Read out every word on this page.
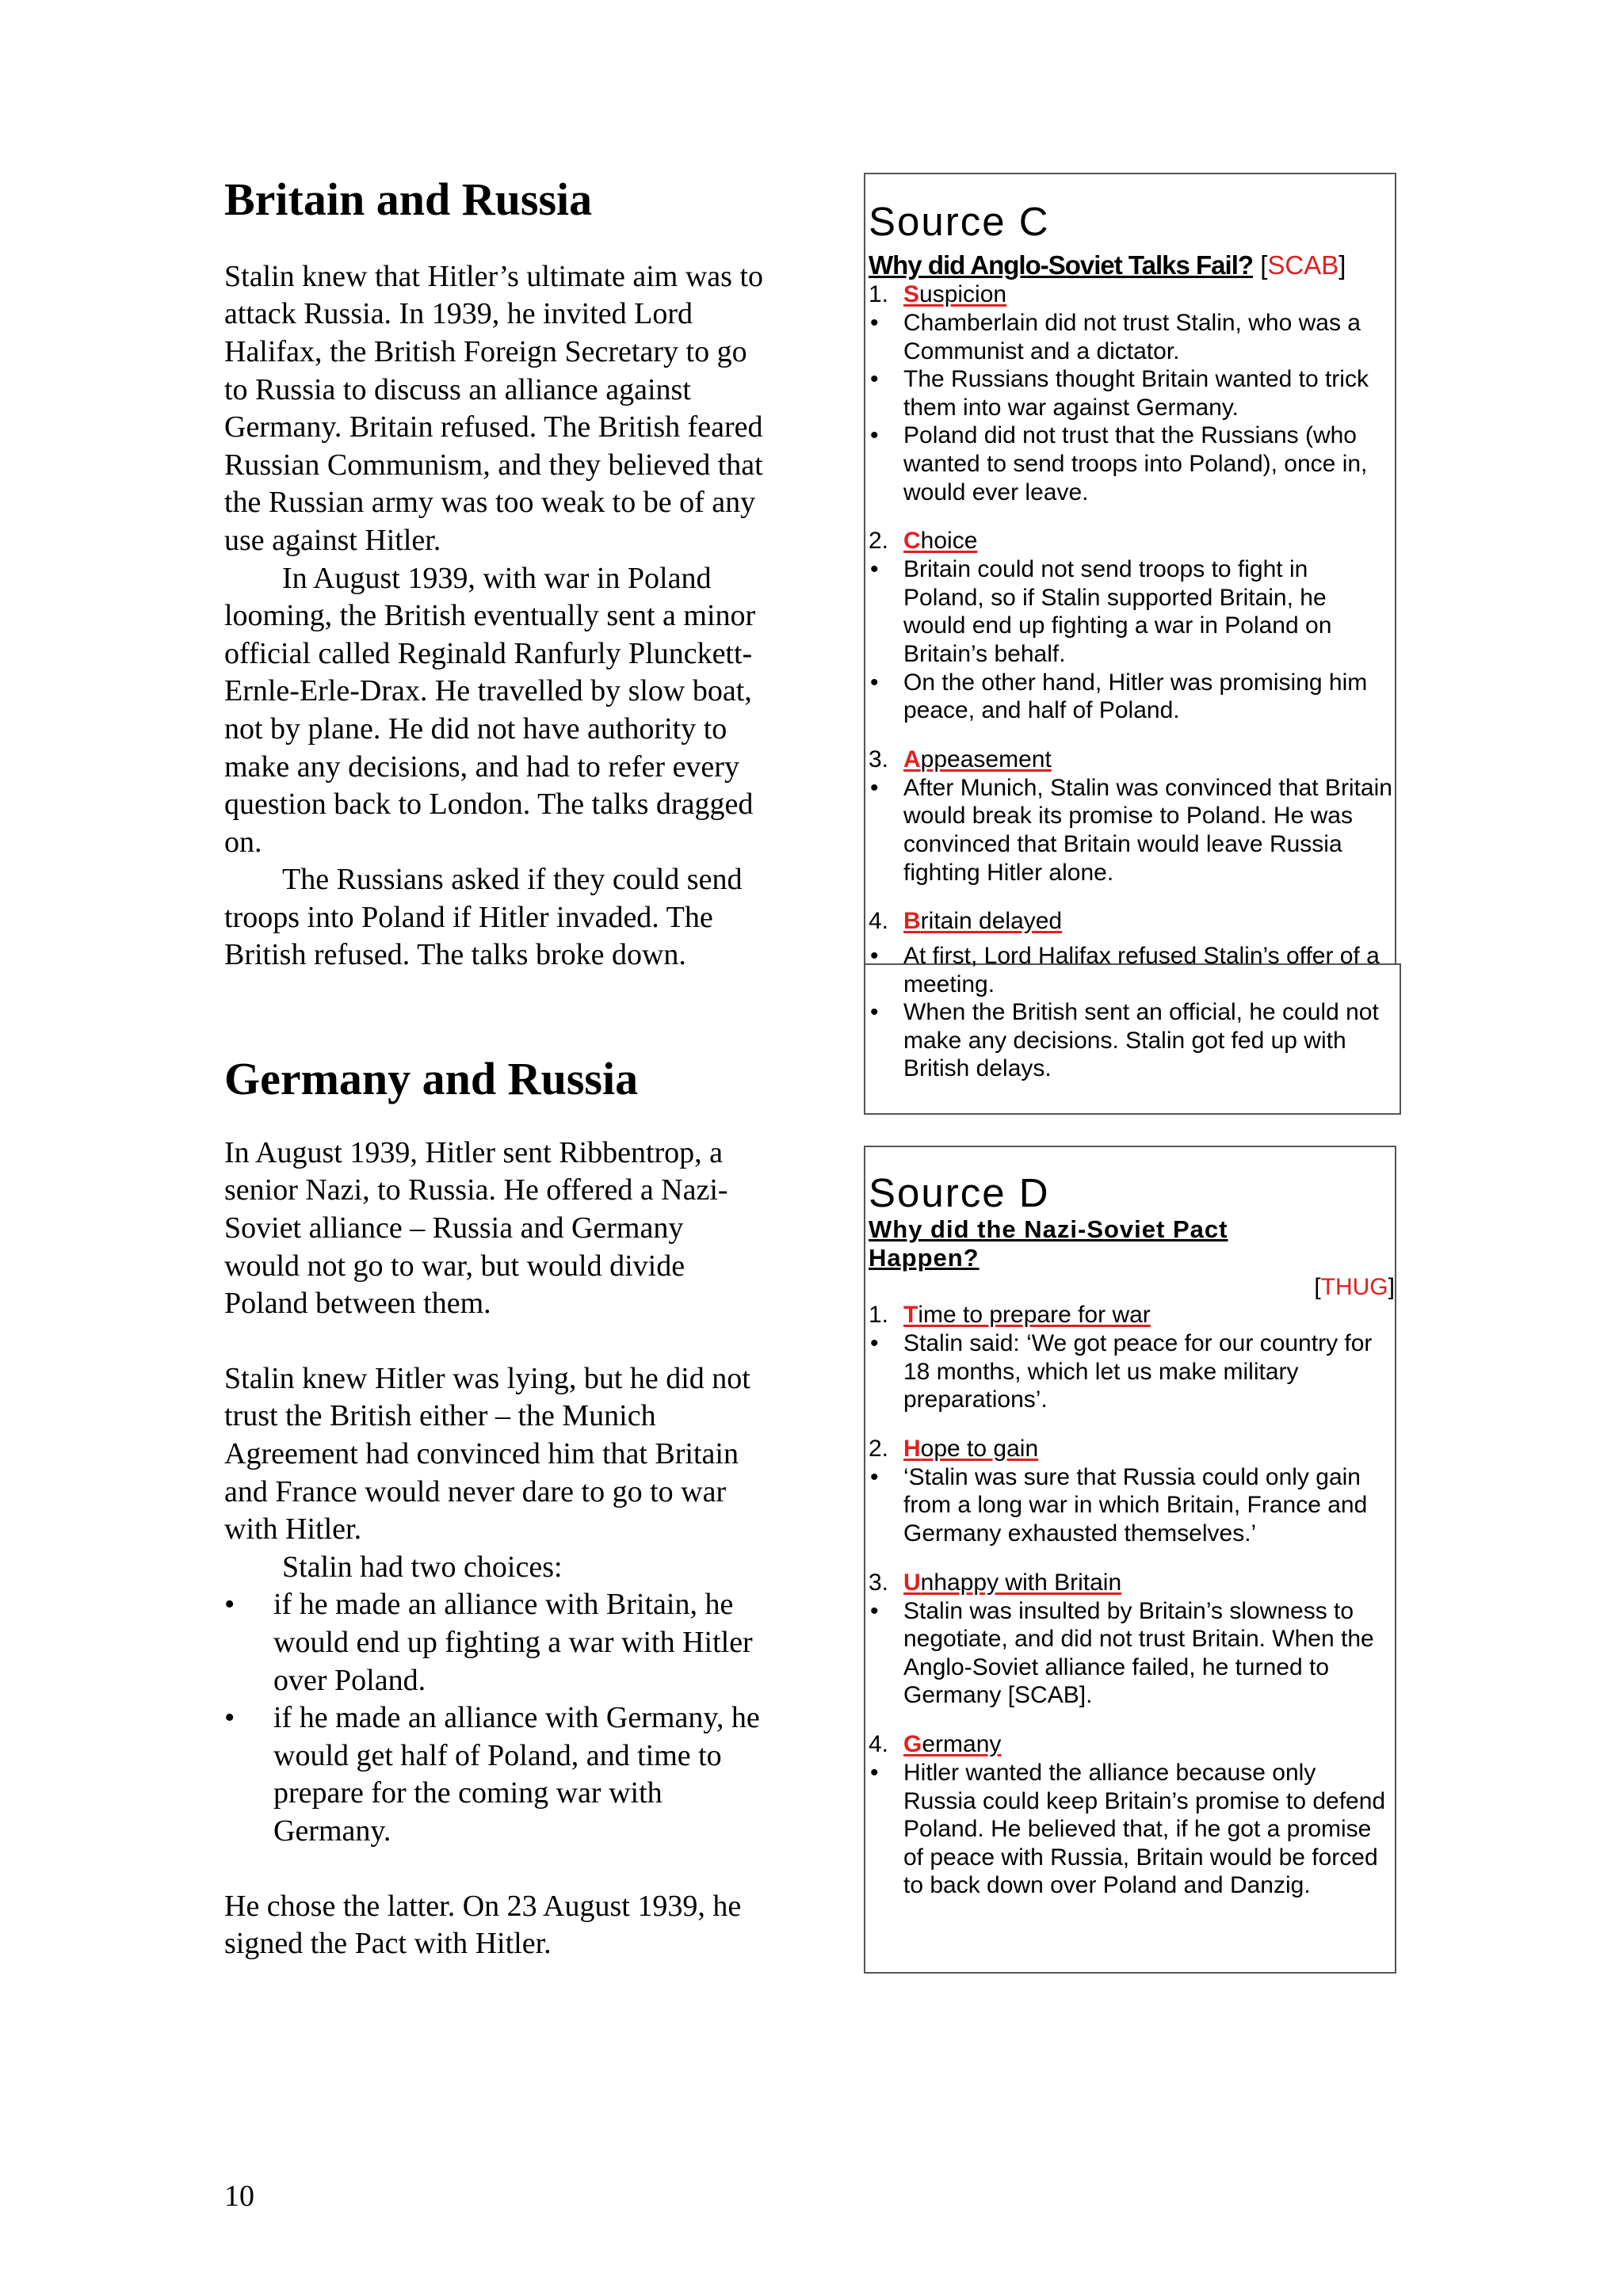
Britain and Russia

Stalin knew that Hitler’s ultimate aim was to attack Russia. In 1939, he invited Lord Halifax, the British Foreign Secretary to go to Russia to discuss an alliance against Germany. Britain refused. The British feared Russian Communism, and they believed that the Russian army was too weak to be of any use against Hitler.

In August 1939, with war in Poland looming, the British eventually sent a minor official called Reginald Ranfurly Plunckett-Ernle-Erle-Drax. He travelled by slow boat, not by plane. He did not have authority to make any decisions, and had to refer every question back to London. The talks dragged on.

The Russians asked if they could send troops into Poland if Hitler invaded. The British refused. The talks broke down.

Germany and Russia

In August 1939, Hitler sent Ribbentrop, a senior Nazi, to Russia. He offered a Nazi-Soviet alliance – Russia and Germany would not go to war, but would divide Poland between them.

Stalin knew Hitler was lying, but he did not trust the British either – the Munich Agreement had convinced him that Britain and France would never dare to go to war with Hitler.

Stalin had two choices:

• if he made an alliance with Britain, he would end up fighting a war with Hitler over Poland.
• if he made an alliance with Germany, he would get half of Poland, and time to prepare for the coming war with Germany.

He chose the latter. On 23 August 1939, he signed the Pact with Hitler.

10
Source C
Why did Anglo-Soviet Talks Fail? [SCAB]
1. Suspicion
• Chamberlain did not trust Stalin, who was a Communist and a dictator.
• The Russians thought Britain wanted to trick them into war against Germany.
• Poland did not trust that the Russians (who wanted to send troops into Poland), once in, would ever leave.
2. Choice
• Britain could not send troops to fight in Poland, so if Stalin supported Britain, he would end up fighting a war in Poland on Britain’s behalf.
• On the other hand, Hitler was promising him peace, and half of Poland.
3. Appeasement
• After Munich, Stalin was convinced that Britain would break its promise to Poland. He was convinced that Britain would leave Russia fighting Hitler alone.
4. Britain delayed
• At first, Lord Halifax refused Stalin’s offer of a meeting.
• When the British sent an official, he could not make any decisions. Stalin got fed up with British delays.
Source D
Why did the Nazi-Soviet Pact Happen?
[THUG]
1. Time to prepare for war
• Stalin said: ‘We got peace for our country for 18 months, which let us make military preparations’.
2. Hope to gain
• ‘Stalin was sure that Russia could only gain from a long war in which Britain, France and Germany exhausted themselves.’
3. Unhappy with Britain
• Stalin was insulted by Britain’s slowness to negotiate, and did not trust Britain. When the Anglo-Soviet alliance failed, he turned to Germany [SCAB].
4. Germany
• Hitler wanted the alliance because only Russia could keep Britain’s promise to defend Poland. He believed that, if he got a promise of peace with Russia, Britain would be forced to back down over Poland and Danzig.
